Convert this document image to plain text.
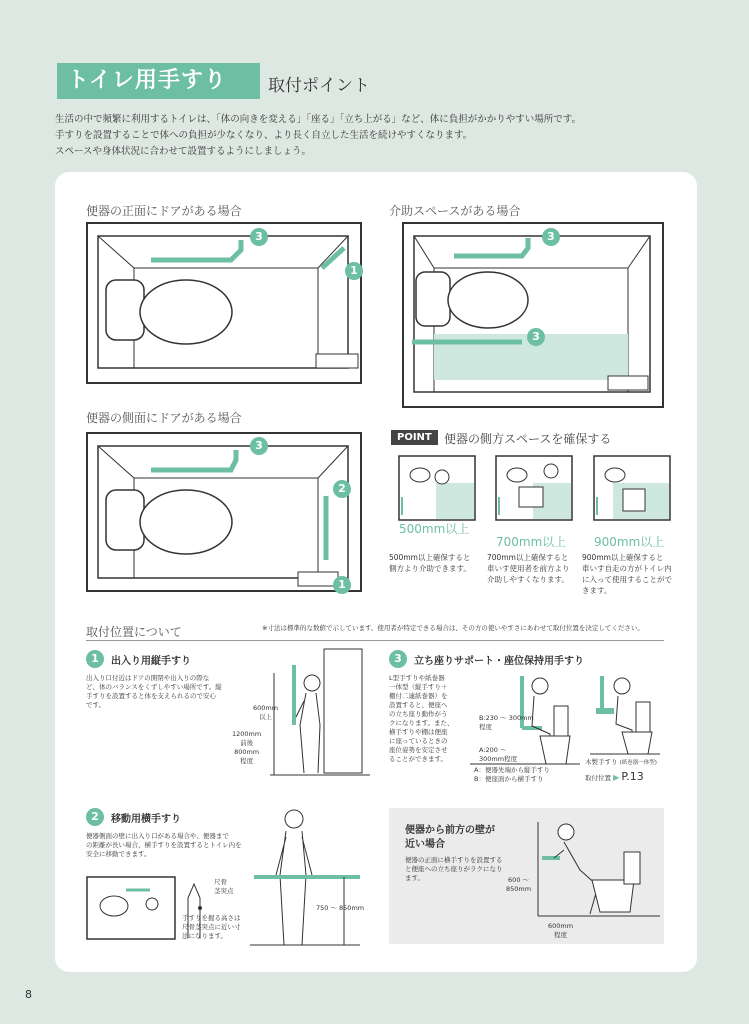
トイレ用手すり	取付ポイント
生活の中で頻繁に利用するトイレは、「体の向きを変える」「座る」「立ち上がる」など、体に負担がかかりやすい場所です。
手すりを設置することで体への負担が少なくなり、より長く自立した生活を続けやすくなります。
スペースや身体状況に合わせて設置するようにしましょう。
便器の正面にドアがある場合
3
1
便器の側面にドアがある場合
3
2
1
介助スペースがある場合
3
3
POINT	便器の側方スペースを確保する
500mm以上
700mm以上 900mm以上
500mm以上確保すると
側方より介助できます。
700mm以上確保すると
車いす使用者を前方より
介助しやすくなります。
900mm以上確保すると
車いす自走の方がトイレ内
に入って使用することがで
きます。
取付位置について	※寸法は標準的な数値で示しています。使用者が特定できる場合は、その方の使いやすさにあわせて取付位置を決定してください。
1	出入り用縦手すり
出入り口付近はドアの開閉や出入りの際な
ど、体のバランスをくずしやすい場所です。縦
手すりを設置すると体を支えられるので安心
です。	600mm
以上
1200mm
前後
800mm
程度
2	移動用横手すり
便器側面の壁に出入り口がある場合や、便器まで
の距離が長い場合、横手すりを設置するとトイレ内を
安全に移動できます。
尺骨
茎突点
手すりを握る高さは
尺骨茎突点に近い寸
法になります。
750 〜 850mm
3	立ち座りサポート・座位保持用手すり
L型手すりや紙巻器
一体型（縦手すり＋
棚付二連紙巻器）を
設置すると、便座へ
の立ち座り動作がう
クになります。また、
横手すりや棚は便座
に座っているときの
座位姿勢を安定させ
ることができます。
B:230 〜 300mm
程度
A:200 〜
300mm程度
A：便器先端から縦手すり
B：便座面から横手すり
木製手すり (紙巻器一体型)
取付位置 ▶ P.13
便器から前方の壁が
近い場合
便器の正面に横手すりを設置する
と便座への立ち座りがラクになり
ます。	600 〜
850mm
600mm
程度
8
